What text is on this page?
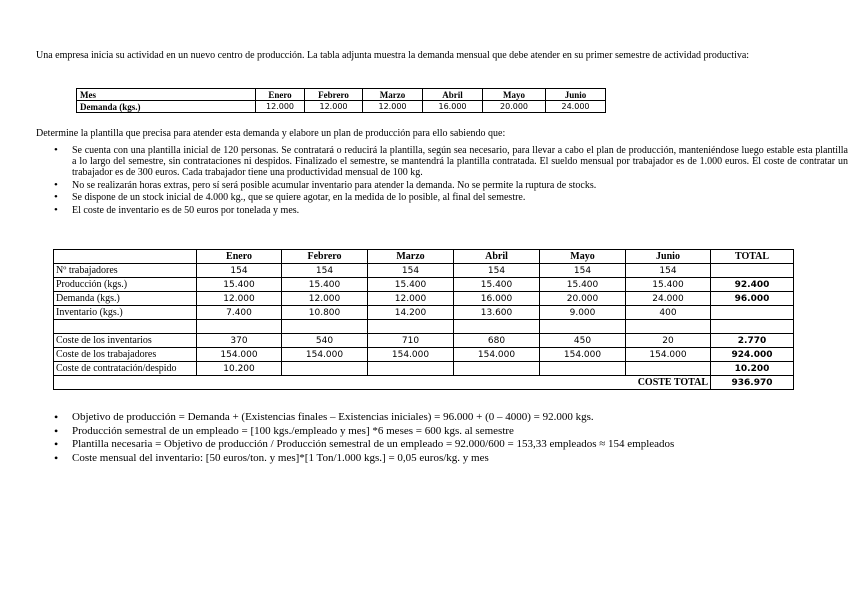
Una empresa inicia su actividad en un nuevo centro de producción. La tabla adjunta muestra la demanda mensual que debe atender en su primer semestre de actividad productiva:
Mes	Enero	Febrero	Marzo	Abril	Mayo	Junio
Demanda (kgs.)	12.000	12.000	12.000	16.000	20.000	24.000
Determine la plantilla que precisa para atender esta demanda y elabore un plan de producción para ello sabiendo que:
• Se cuenta con una plantilla inicial de 120 personas. Se contratará o reducirá la plantilla, según sea necesario, para llevar a cabo el plan de producción, manteniéndose luego estable esta plantilla a lo largo del semestre, sin contrataciones ni despidos. Finalizado el semestre, se mantendrá la plantilla contratada. El sueldo mensual por trabajador es de 1.000 euros. El coste de contratar un trabajador es de 300 euros. Cada trabajador tiene una productividad mensual de 100 kg.
• No se realizarán horas extras, pero sí será posible acumular inventario para atender la demanda. No se permite la ruptura de stocks.
• Se dispone de un stock inicial de 4.000 kg., que se quiere agotar, en la medida de lo posible, al final del semestre.
• El coste de inventario es de 50 euros por tonelada y mes.
	Enero	Febrero	Marzo	Abril	Mayo	Junio	TOTAL
Nº trabajadores	154	154	154	154	154	154	
Producción (kgs.)	15.400	15.400	15.400	15.400	15.400	15.400	92.400
Demanda (kgs.)	12.000	12.000	12.000	16.000	20.000	24.000	96.000
Inventario (kgs.)	7.400	10.800	14.200	13.600	9.000	400	

Coste de los inventarios	370	540	710	680	450	20	2.770
Coste de los trabajadores	154.000	154.000	154.000	154.000	154.000	154.000	924.000
Coste de contratación/despido	10.200						10.200
COSTE TOTAL							936.970
• Objetivo de producción = Demanda + (Existencias finales – Existencias iniciales) = 96.000 + (0 – 4000) = 92.000 kgs.
• Producción semestral de un empleado = [100 kgs./empleado y mes] *6 meses = 600 kgs. al semestre
• Plantilla necesaria = Objetivo de producción / Producción semestral de un empleado = 92.000/600 = 153,33 empleados ≈ 154 empleados
• Coste mensual del inventario: [50 euros/ton. y mes]*[1 Ton/1.000 kgs.] = 0,05 euros/kg. y mes
